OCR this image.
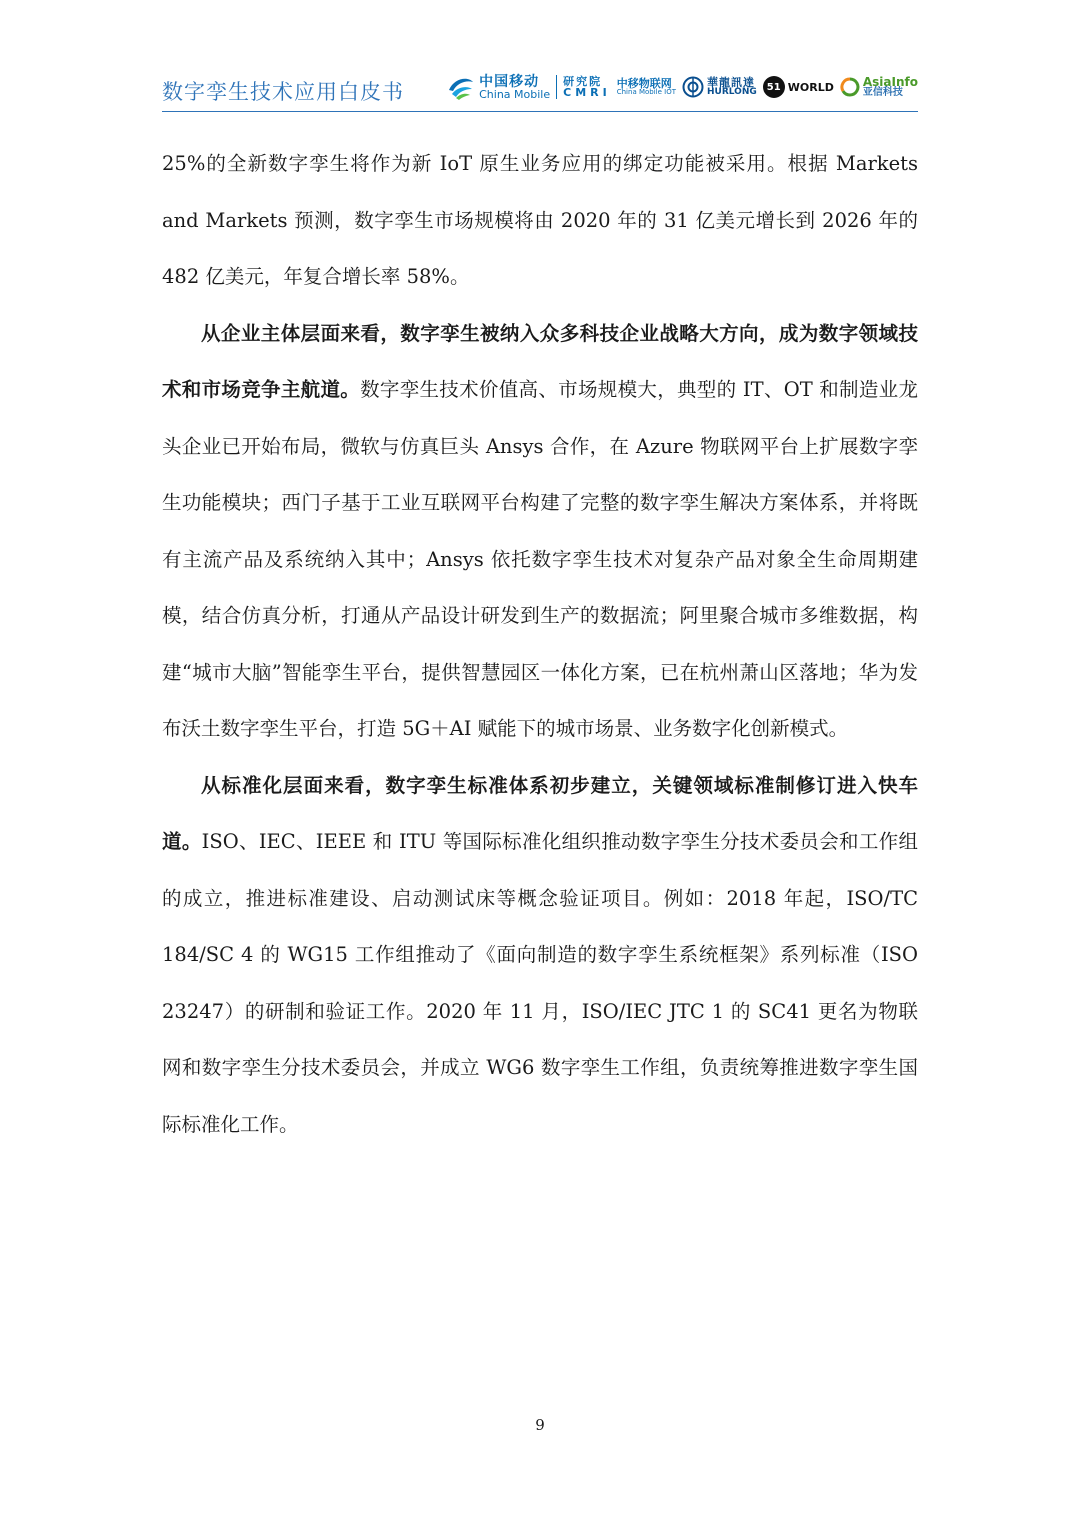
数字孪生技术应用白皮书	中国移动
China Mobile
研究院
CMRI
中移物联网
China Mobile IOT
華龍訊達
HURLONG	51 WORLD AsiaInfo
亚信科技

25%的全新数字孪生将作为新 IoT 原生业务应用的绑定功能被采用。根据 Markets and Markets 预测，数字孪生市场规模将由 2020 年的 31 亿美元增长到 2026 年的 482 亿美元，年复合增长率 58%。

从企业主体层面来看，数字孪生被纳入众多科技企业战略大方向，成为数字领域技术和市场竞争主航道。数字孪生技术价值高、市场规模大，典型的 IT、OT 和制造业龙头企业已开始布局，微软与仿真巨头 Ansys 合作，在 Azure 物联网平台上扩展数字孪生功能模块；西门子基于工业互联网平台构建了完整的数字孪生解决方案体系，并将既有主流产品及系统纳入其中；Ansys 依托数字孪生技术对复杂产品对象全生命周期建模，结合仿真分析，打通从产品设计研发到生产的数据流；阿里聚合城市多维数据，构建“城市大脑”智能孪生平台，提供智慧园区一体化方案，已在杭州萧山区落地；华为发布沃土数字孪生平台，打造 5G＋AI 赋能下的城市场景、业务数字化创新模式。

从标准化层面来看，数字孪生标准体系初步建立，关键领域标准制修订进入快车道。ISO、IEC、IEEE 和 ITU 等国际标准化组织推动数字孪生分技术委员会和工作组的成立，推进标准建设、启动测试床等概念验证项目。例如：2018 年起，ISO/TC 184/SC 4 的 WG15 工作组推动了《面向制造的数字孪生系统框架》系列标准（ISO 23247）的研制和验证工作。2020 年 11 月，ISO/IEC JTC 1 的 SC41 更名为物联网和数字孪生分技术委员会，并成立 WG6 数字孪生工作组，负责统筹推进数字孪生国际标准化工作。

9
